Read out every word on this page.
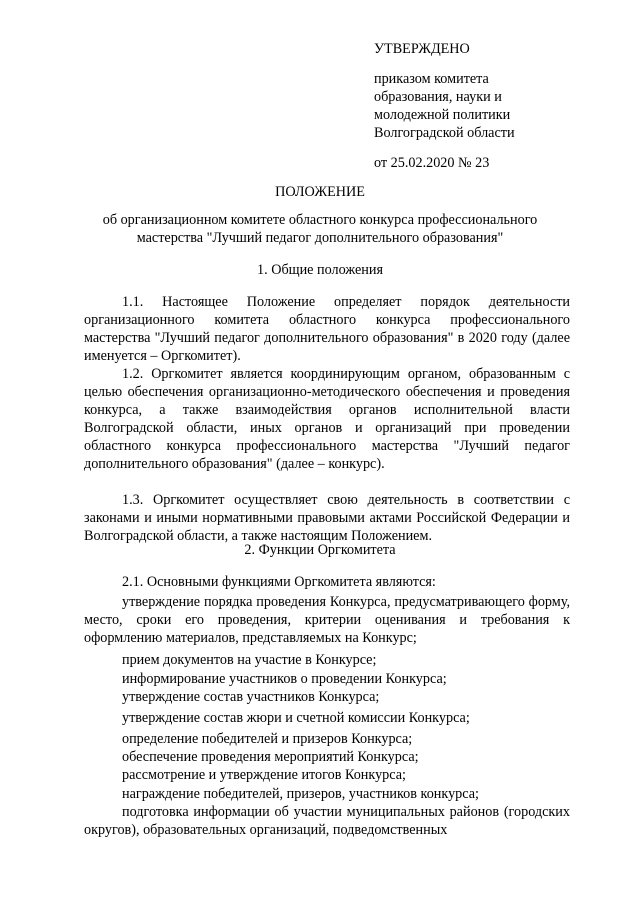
УТВЕРЖДЕНО
приказом комитета
образования, науки и
молодежной политики
Волгоградской области
от 25.02.2020 № 23
ПОЛОЖЕНИЕ
об организационном комитете областного конкурса профессионального мастерства "Лучший педагог дополнительного образования"
1. Общие положения

1.1. Настоящее Положение определяет порядок деятельности организационного комитета областного конкурса профессионального мастерства "Лучший педагог дополнительного образования" в 2020 году (далее именуется – Оргкомитет).

1.2. Оргкомитет является координирующим органом, образованным с целью обеспечения организационно-методического обеспечения и проведения конкурса, а также взаимодействия органов исполнительной власти Волгоградской области, иных органов и организаций при проведении областного конкурса профессионального мастерства "Лучший педагог дополнительного образования" (далее – конкурс).

1.3. Оргкомитет осуществляет свою деятельность в соответствии с законами и иными нормативными правовыми актами Российской Федерации и Волгоградской области, а также настоящим Положением.

2. Функции Оргкомитета

2.1. Основными функциями Оргкомитета являются:

утверждение порядка проведения Конкурса, предусматривающего форму, место, сроки его проведения, критерии оценивания и требования к оформлению материалов, представляемых на Конкурс;

прием документов на участие в Конкурсе;

информирование участников о проведении Конкурса;

утверждение состав участников Конкурса;

утверждение состав жюри и счетной комиссии Конкурса;

определение победителей и призеров Конкурса;

обеспечение проведения мероприятий Конкурса;

рассмотрение и утверждение итогов Конкурса;

награждение победителей, призеров, участников конкурса;

подготовка информации об участии муниципальных районов (городских округов), образовательных организаций, подведомственных
